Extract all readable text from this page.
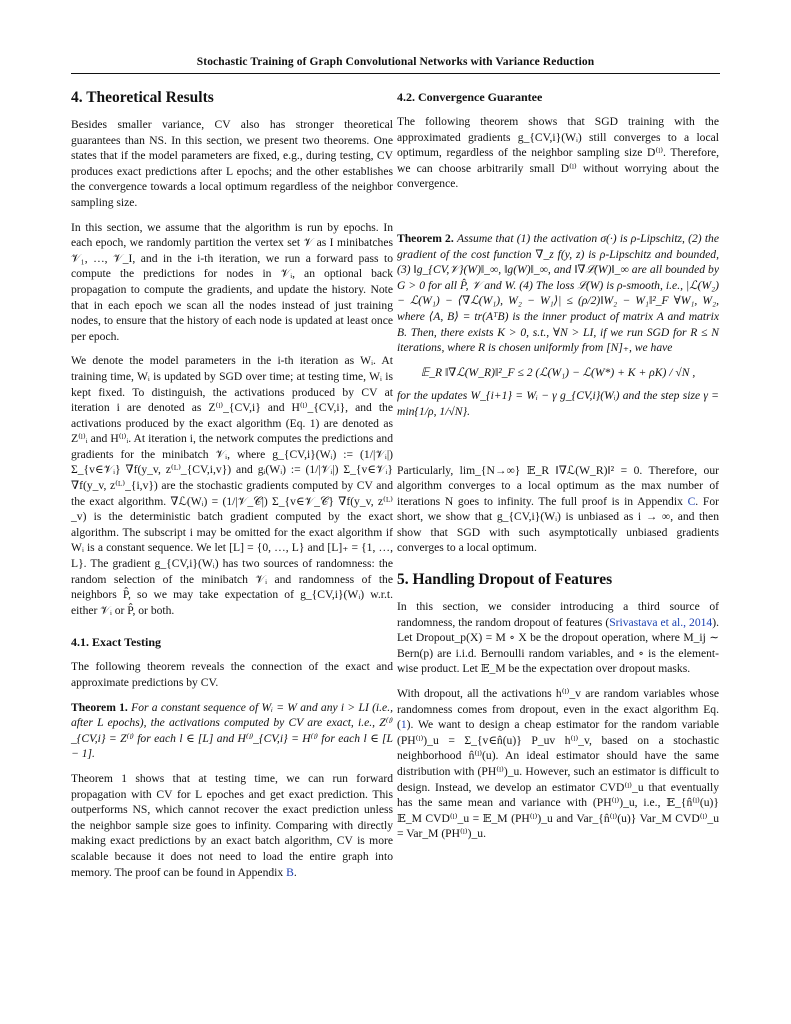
Stochastic Training of Graph Convolutional Networks with Variance Reduction
4. Theoretical Results

Besides smaller variance, CV also has stronger theoretical guarantees than NS. In this section, we present two theorems. One states that if the model parameters are fixed, e.g., during testing, CV produces exact predictions after L epochs; and the other establishes the convergence towards a local optimum regardless of the neighbor sampling size.

In this section, we assume that the algorithm is run by epochs. In each epoch, we randomly partition the vertex set 𝒱 as I minibatches 𝒱₁, …, 𝒱_I, and in the i-th iteration, we run a forward pass to compute the predictions for nodes in 𝒱ᵢ, an optional back propagation to compute the gradients, and update the history. Note that in each epoch we scan all the nodes instead of just training nodes, to ensure that the history of each node is updated at least once per epoch.

We denote the model parameters in the i-th iteration as Wᵢ. At training time, Wᵢ is updated by SGD over time; at testing time, Wᵢ is kept fixed. To distinguish, the activations produced by CV at iteration i are denoted as Z⁽ˡ⁾_{CV,i} and H⁽ˡ⁾_{CV,i}, and the activations produced by the exact algorithm (Eq. 1) are denoted as Z⁽ˡ⁾ᵢ and H⁽ˡ⁾ᵢ. At iteration i, the network computes the predictions and gradients for the minibatch 𝒱ᵢ, where g_{CV,i}(Wᵢ) := (1/|𝒱ᵢ|) Σ_{v∈𝒱ᵢ} ∇f(y_v, z⁽ᴸ⁾_{CV,i,v}) and gᵢ(Wᵢ) := (1/|𝒱ᵢ|) Σ_{v∈𝒱ᵢ} ∇f(y_v, z⁽ᴸ⁾_{i,v}) are the stochastic gradients computed by CV and the exact algorithm. ∇ℒ(Wᵢ) = (1/|𝒱_𝒞|) Σ_{v∈𝒱_𝒞} ∇f(y_v, z⁽ᴸ⁾_v) is the deterministic batch gradient computed by the exact algorithm. The subscript i may be omitted for the exact algorithm if Wᵢ is a constant sequence. We let [L] = {0, …, L} and [L]₊ = {1, …, L}. The gradient g_{CV,i}(Wᵢ) has two sources of randomness: the random selection of the minibatch 𝒱ᵢ and randomness of the neighbors P̂, so we may take expectation of g_{CV,i}(Wᵢ) w.r.t. either 𝒱ᵢ or P̂, or both.

4.1. Exact Testing

The following theorem reveals the connection of the exact and approximate predictions by CV.

Theorem 1. For a constant sequence of Wᵢ = W and any i > LI (i.e., after L epochs), the activations computed by CV are exact, i.e., Z⁽ˡ⁾_{CV,i} = Z⁽ˡ⁾ for each l ∈ [L] and H⁽ˡ⁾_{CV,i} = H⁽ˡ⁾ for each l ∈ [L − 1].

Theorem 1 shows that at testing time, we can run forward propagation with CV for L epoches and get exact prediction. This outperforms NS, which cannot recover the exact prediction unless the neighbor sample size goes to infinity. Comparing with directly making exact predictions by an exact batch algorithm, CV is more scalable because it does not need to load the entire graph into memory. The proof can be found in Appendix B.

4.2. Convergence Guarantee

The following theorem shows that SGD training with the approximated gradients g_{CV,i}(Wᵢ) still converges to a local optimum, regardless of the neighbor sampling size D⁽ˡ⁾. Therefore, we can choose arbitrarily small D⁽ˡ⁾ without worrying about the convergence.

Theorem 2. Assume that (1) the activation σ(·) is ρ-Lipschitz, (2) the gradient of the cost function ∇_z f(y, z) is ρ-Lipschitz and bounded, (3) ‖g_{CV,𝒱}(W)‖_∞, ‖g(W)‖_∞, and ‖∇ℒ(W)‖_∞ are all bounded by G > 0 for all P̂, 𝒱 and W. (4) The loss ℒ(W) is ρ-smooth, i.e., |ℒ(W₂) − ℒ(W₁) − ⟨∇ℒ(W₁), W₂ − W₁⟩| ≤ (ρ/2)‖W₂ − W₁‖²_F ∀W₁, W₂, where ⟨A, B⟩ = tr(AᵀB) is the inner product of matrix A and matrix B. Then, there exists K > 0, s.t., ∀N > LI, if we run SGD for R ≤ N iterations, where R is chosen uniformly from [N]₊, we have

𝔼_R ‖∇ℒ(W_R)‖²_F ≤ 2 (ℒ(W₁) − ℒ(W*) + K + ρK) / √N ,

for the updates W_{i+1} = Wᵢ − γ g_{CV,i}(Wᵢ) and the step size γ = min{1/ρ, 1/√N}.

Particularly, lim_{N→∞} 𝔼_R ‖∇ℒ(W_R)‖² = 0. Therefore, our algorithm converges to a local optimum as the max number of iterations N goes to infinity. The full proof is in Appendix C. For short, we show that g_{CV,i}(Wᵢ) is unbiased as i → ∞, and then show that SGD with such asymptotically unbiased gradients converges to a local optimum.

5. Handling Dropout of Features

In this section, we consider introducing a third source of randomness, the random dropout of features (Srivastava et al., 2014). Let Dropout_p(X) = M ∘ X be the dropout operation, where M_ij ∼ Bern(p) are i.i.d. Bernoulli random variables, and ∘ is the element-wise product. Let 𝔼_M be the expectation over dropout masks.

With dropout, all the activations h⁽ˡ⁾_v are random variables whose randomness comes from dropout, even in the exact algorithm Eq. (1). We want to design a cheap estimator for the random variable (PH⁽ˡ⁾)_u = Σ_{v∈n̂(u)} P_uv h⁽ˡ⁾_v, based on a stochastic neighborhood n̂⁽ˡ⁾(u). An ideal estimator should have the same distribution with (PH⁽ˡ⁾)_u. However, such an estimator is difficult to design. Instead, we develop an estimator CVD⁽ˡ⁾_u that eventually has the same mean and variance with (PH⁽ˡ⁾)_u, i.e., 𝔼_{n̂⁽ˡ⁾(u)} 𝔼_M CVD⁽ˡ⁾_u = 𝔼_M (PH⁽ˡ⁾)_u and Var_{n̂⁽ˡ⁾(u)} Var_M CVD⁽ˡ⁾_u = Var_M (PH⁽ˡ⁾)_u.
